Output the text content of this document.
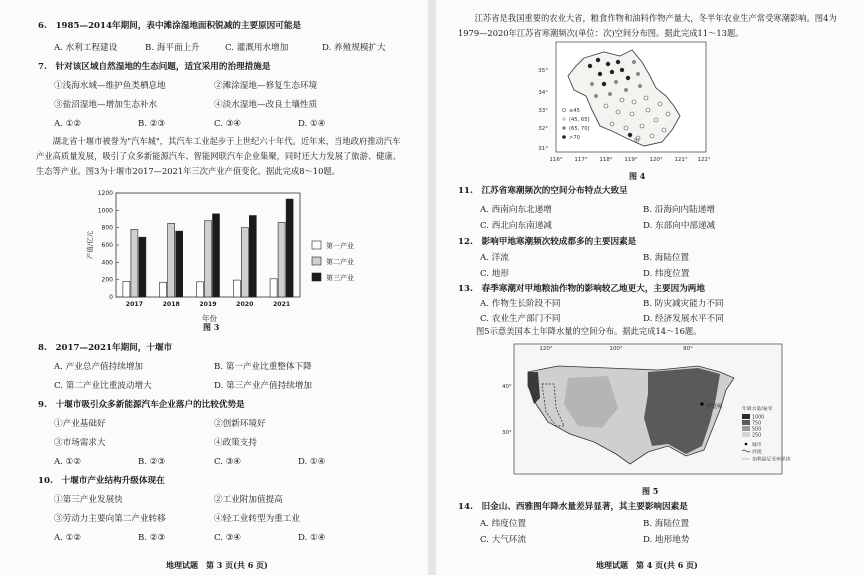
6.　1985—2014年期间，表中滩涂湿地面积锐减的主要原因可能是
A. 水利工程建设	B. 海平面上升	C. 灌溉用水增加	D. 养殖规模扩大
7.　针对该区域自然湿地的生态问题，适宜采用的治理措施是
①浅海水域—维护鱼类栖息地	②滩涂湿地—修复生态环境
③盐沼湿地—增加生态补水	④淡水湿地—改良土壤性质
A. ①②	B. ②③	C. ③④	D. ①④
湖北省十堰市被誉为"汽车城"，其汽车工业起步于上世纪六十年代。近年来，当地政府推动汽车产业高质量发展，吸引了众多新能源汽车、智能网联汽车企业集聚，同时还大力发展了旅游、健康、生态等产业。图3为十堰市2017—2021年三次产业产值变化。据此完成8～10题。
0
200
400
600
800
1000
1200
产值/亿元
2017	2018	2019	2020	2021
第一产业
第二产业
第三产业
年份
图 3
8.　2017—2021年期间，十堰市
A. 产业总产值持续增加	B. 第一产业比重整体下降
C. 第二产业比重波动增大	D. 第三产业产值持续增加
9.　十堰市吸引众多新能源汽车企业落户的比较优势是
①产业基础好	②创新环境好
③市场需求大	④政策支持
A. ①②	B. ②③	C. ③④	D. ①④
10.　十堰市产业结构升级体现在
①第三产业发展快	②工业附加值提高
③劳动力主要向第二产业转移	④轻工业转型为重工业
A. ①②	B. ②③	C. ③④	D. ①④
地理试题　第 3 页(共 6 页)
江苏省是我国重要的农业大省，粮食作物和油料作物产量大，冬半年农业生产常受寒潮影响。图4为1979—2020年江苏省寒潮频次(单位：次)空间分布图。据此完成11～13题。
35°
34°
33°
32°
31°
116° 117° 118° 119° 120° 121° 122°
甲
≤45
(45, 65]
(65, 70]
>70
图 4
11.　江苏省寒潮频次的空间分布特点大致呈
A. 西南向东北递增	B. 沿海向内陆递增
C. 西北向东南递减	D. 东部向中部递减
12.　影响甲地寒潮频次较成都多的主要因素是
A. 洋流	B. 海陆位置
C. 地形	D. 纬度位置
13.　春季寒潮对甲地粮油作物的影响较乙地更大，主要因为两地
A. 作物生长阶段不同	B. 防灾减灾能力不同
C. 农业生产部门不同	D. 经济发展水平不同
图5示意美国本土年降水量的空间分布。据此完成14～16题。
120°	100°	80°
40°
30°
华盛顿	年降水量/毫米
1000
750
500
250
城市
河流
加利福尼亚州界线
图 5
14.　旧金山、西雅图年降水量差异显著，其主要影响因素是
A. 纬度位置	B. 海陆位置
C. 大气环流	D. 地形地势
地理试题　第 4 页(共 6 页)
